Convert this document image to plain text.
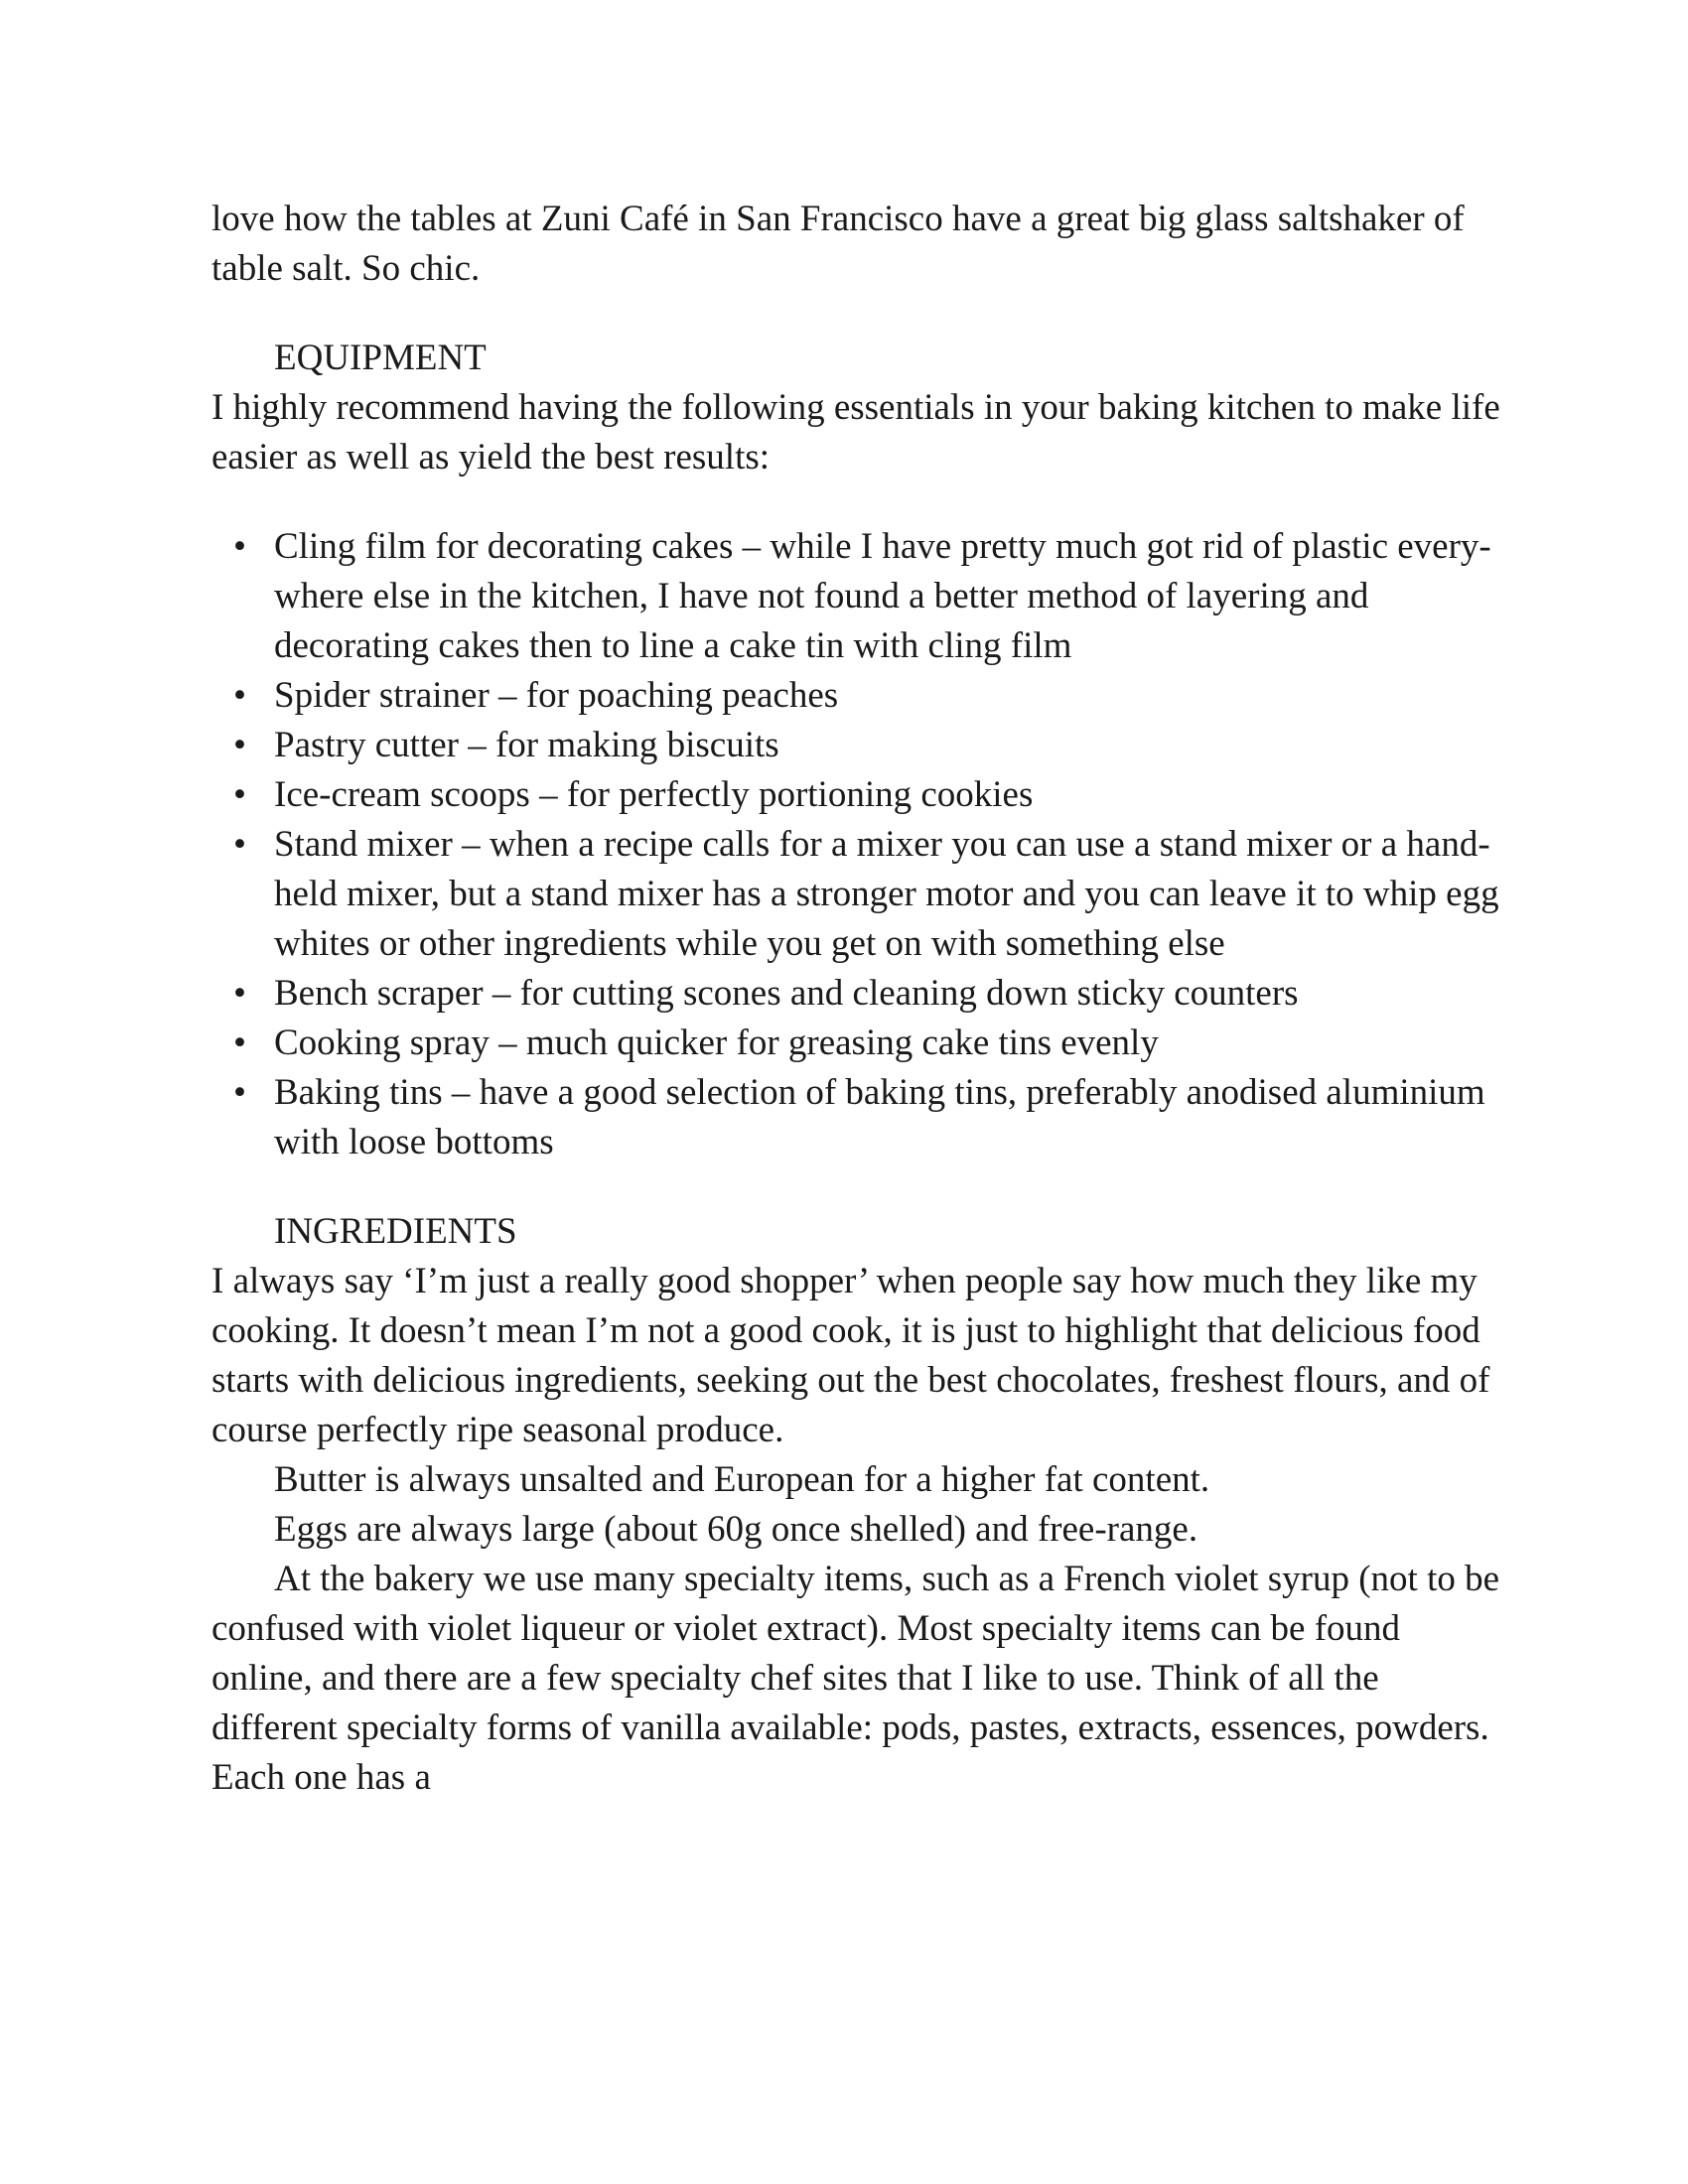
love how the tables at Zuni Café in San Francisco have a great big glass saltshaker of table salt. So chic.

EQUIPMENT

I highly recommend having the following essentials in your baking kitchen to make life easier as well as yield the best results:

• Cling film for decorating cakes – while I have pretty much got rid of plastic every-where else in the kitchen, I have not found a better method of layering and decorating cakes then to line a cake tin with cling film
• Spider strainer – for poaching peaches
• Pastry cutter – for making biscuits
• Ice-cream scoops – for perfectly portioning cookies
• Stand mixer – when a recipe calls for a mixer you can use a stand mixer or a hand-held mixer, but a stand mixer has a stronger motor and you can leave it to whip egg whites or other ingredients while you get on with something else
• Bench scraper – for cutting scones and cleaning down sticky counters
• Cooking spray – much quicker for greasing cake tins evenly
• Baking tins – have a good selection of baking tins, preferably anodised aluminium with loose bottoms

INGREDIENTS

I always say ‘I’m just a really good shopper’ when people say how much they like my cooking. It doesn’t mean I’m not a good cook, it is just to highlight that delicious food starts with delicious ingredients, seeking out the best chocolates, freshest flours, and of course perfectly ripe seasonal produce.

Butter is always unsalted and European for a higher fat content.

Eggs are always large (about 60g once shelled) and free-range.

At the bakery we use many specialty items, such as a French violet syrup (not to be confused with violet liqueur or violet extract). Most specialty items can be found online, and there are a few specialty chef sites that I like to use. Think of all the different specialty forms of vanilla available: pods, pastes, extracts, essences, powders. Each one has a
